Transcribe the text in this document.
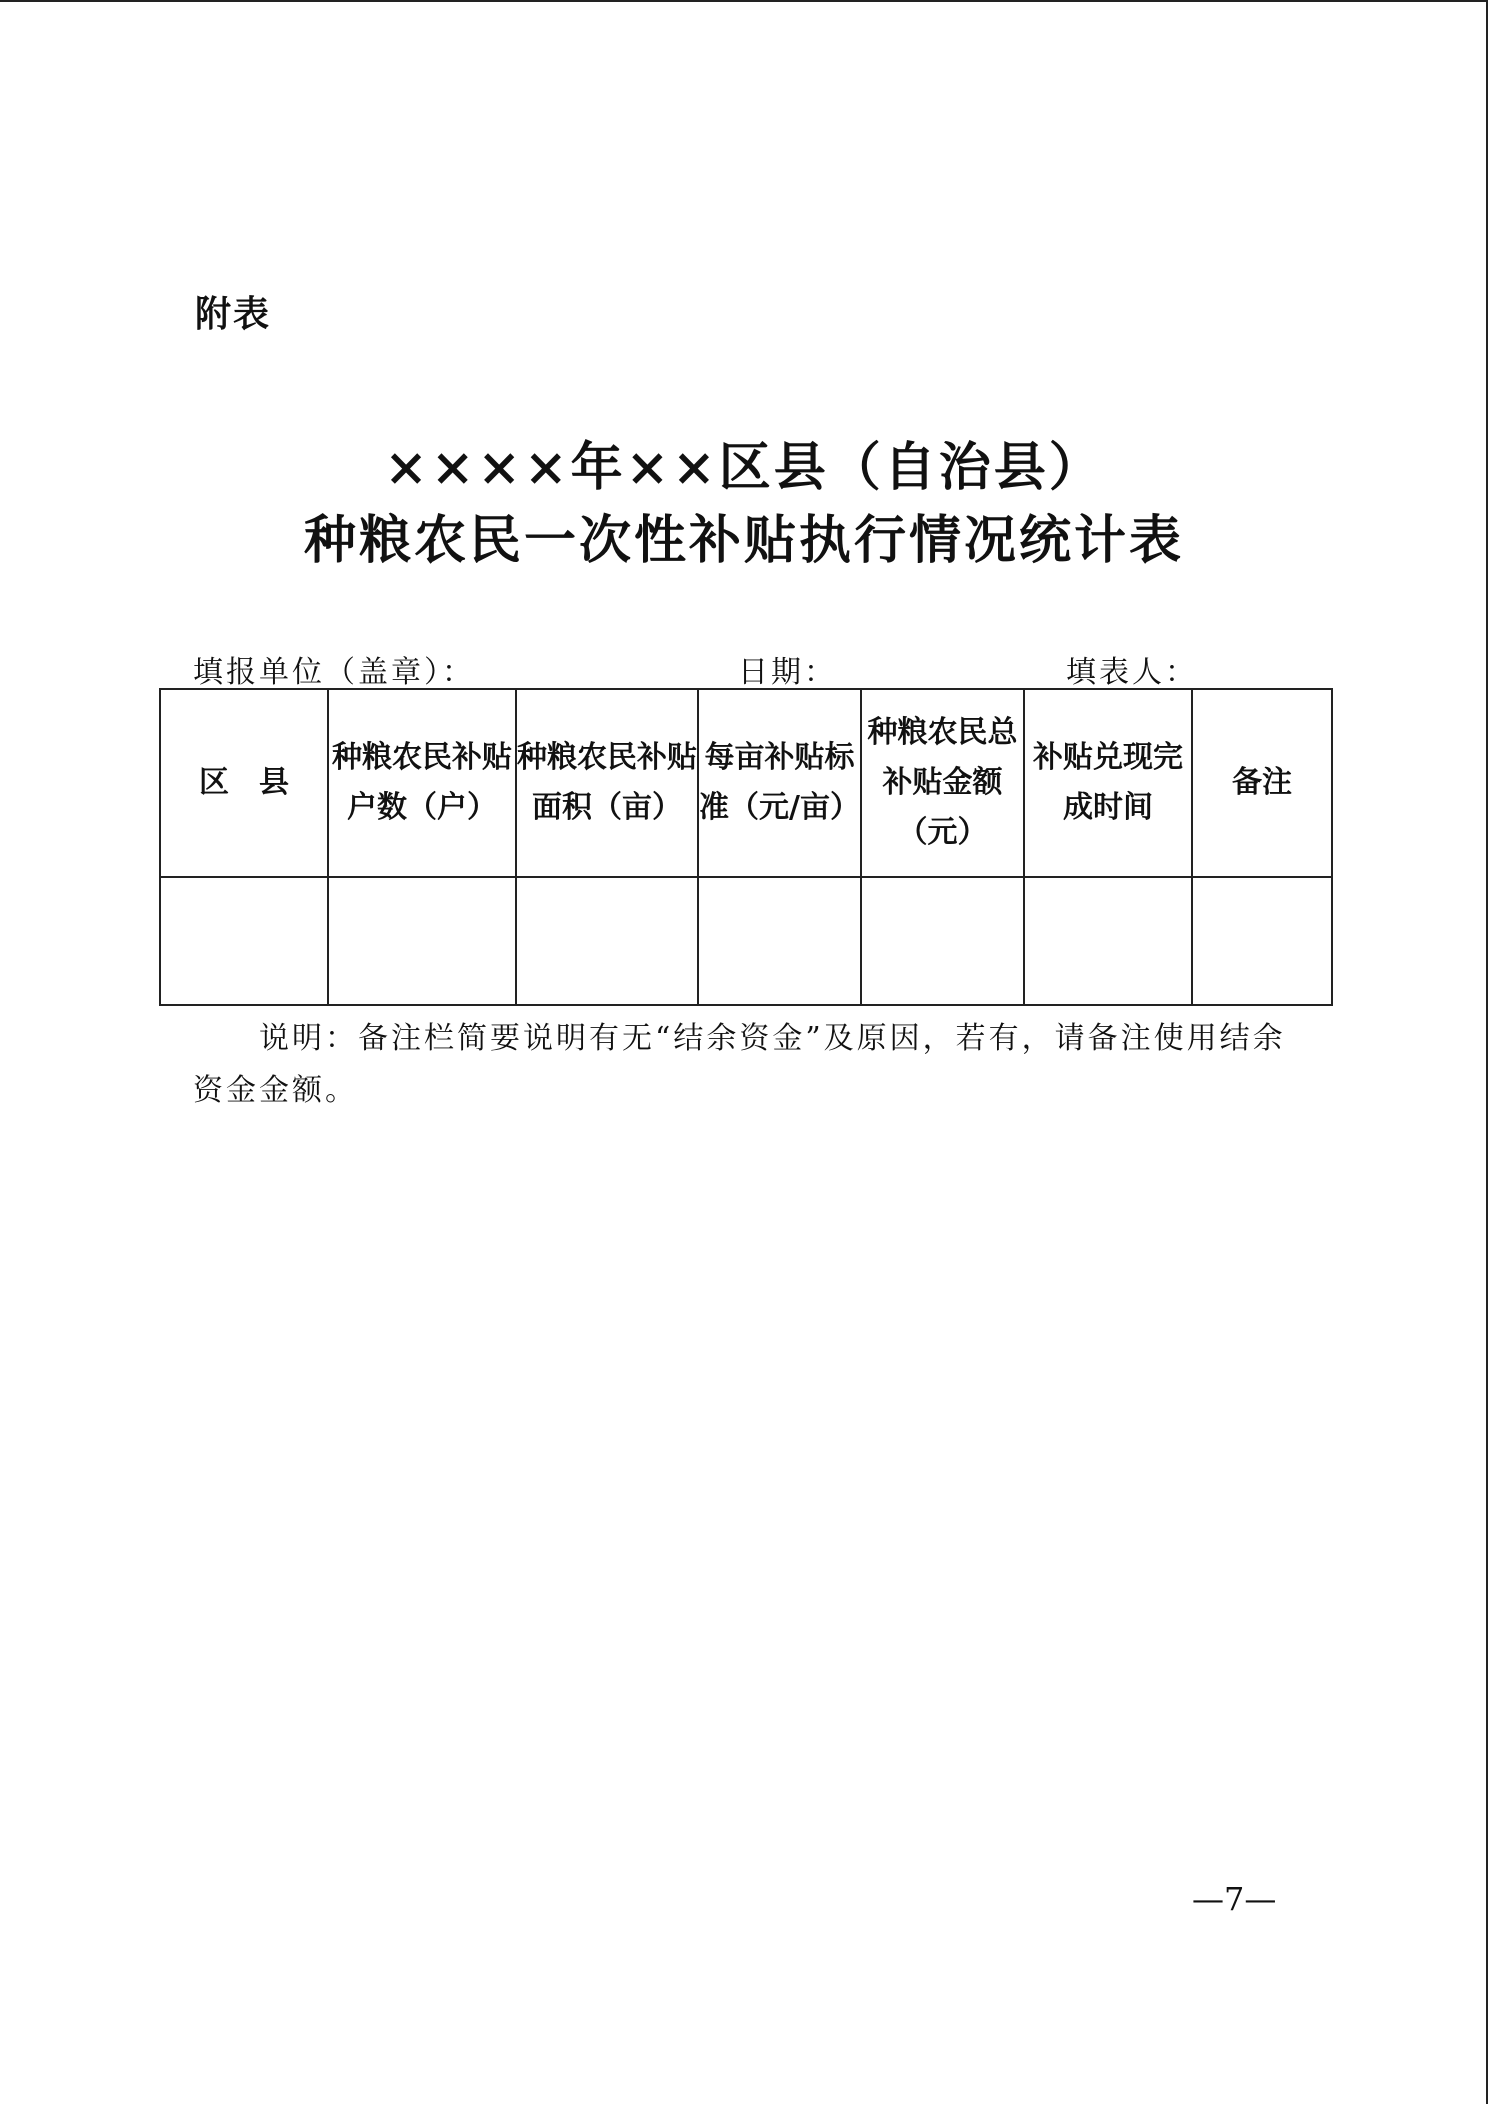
附表
××××年××区县（自治县）
种粮农民一次性补贴执行情况统计表
填报单位（盖章）：	日期：	填表人：
区　县	种粮农民补贴户数（户）	种粮农民补贴面积（亩）	每亩补贴标准（元/亩）	种粮农民总补贴金额（元）	补贴兑现完成时间	备注

说明：备注栏简要说明有无“结余资金”及原因，若有，请备注使用结余资金金额。
—7—
